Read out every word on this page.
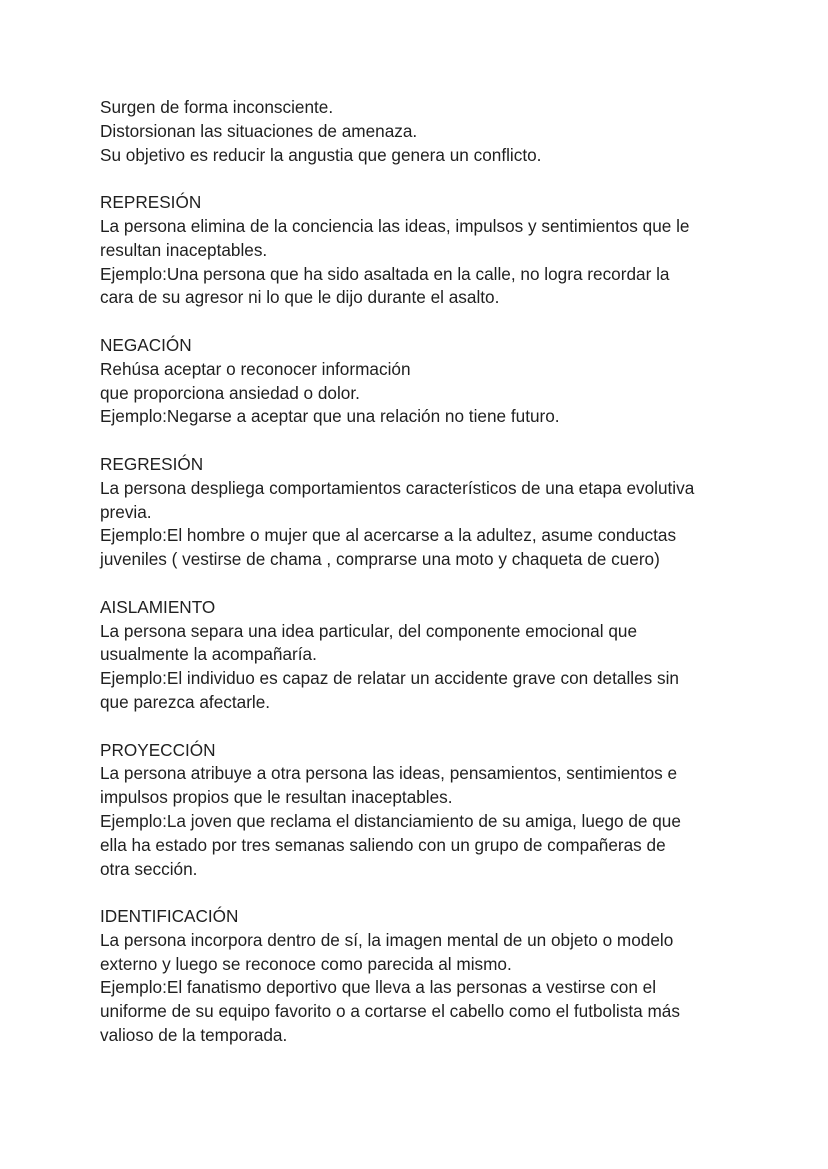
Surgen de forma inconsciente.
Distorsionan las situaciones de amenaza.
Su objetivo es reducir la angustia que genera un conflicto.
REPRESIÓN
La persona elimina de la conciencia las ideas, impulsos y sentimientos que le
resultan inaceptables.
Ejemplo:Una persona que ha sido asaltada en la calle, no logra recordar la
cara de su agresor ni lo que le dijo durante el asalto.
NEGACIÓN
Rehúsa aceptar o reconocer información
que proporciona ansiedad o dolor.
Ejemplo:Negarse a aceptar que una relación no tiene futuro.
REGRESIÓN
La persona despliega comportamientos característicos de una etapa evolutiva
previa.
Ejemplo:El hombre o mujer que al acercarse a la adultez, asume conductas
juveniles ( vestirse de chama , comprarse una moto y chaqueta de cuero)
AISLAMIENTO
La persona separa una idea particular, del componente emocional que
usualmente la acompañaría.
Ejemplo:El individuo es capaz de relatar un accidente grave con detalles sin
que parezca afectarle.
PROYECCIÓN
La persona atribuye a otra persona las ideas, pensamientos, sentimientos e
impulsos propios que le resultan inaceptables.
Ejemplo:La joven que reclama el distanciamiento de su amiga, luego de que
ella ha estado por tres semanas saliendo con un grupo de compañeras de
otra sección.
IDENTIFICACIÓN
La persona incorpora dentro de sí, la imagen mental de un objeto o modelo
externo y luego se reconoce como parecida al mismo.
Ejemplo:El fanatismo deportivo que lleva a las personas a vestirse con el
uniforme de su equipo favorito o a cortarse el cabello como el futbolista más
valioso de la temporada.
